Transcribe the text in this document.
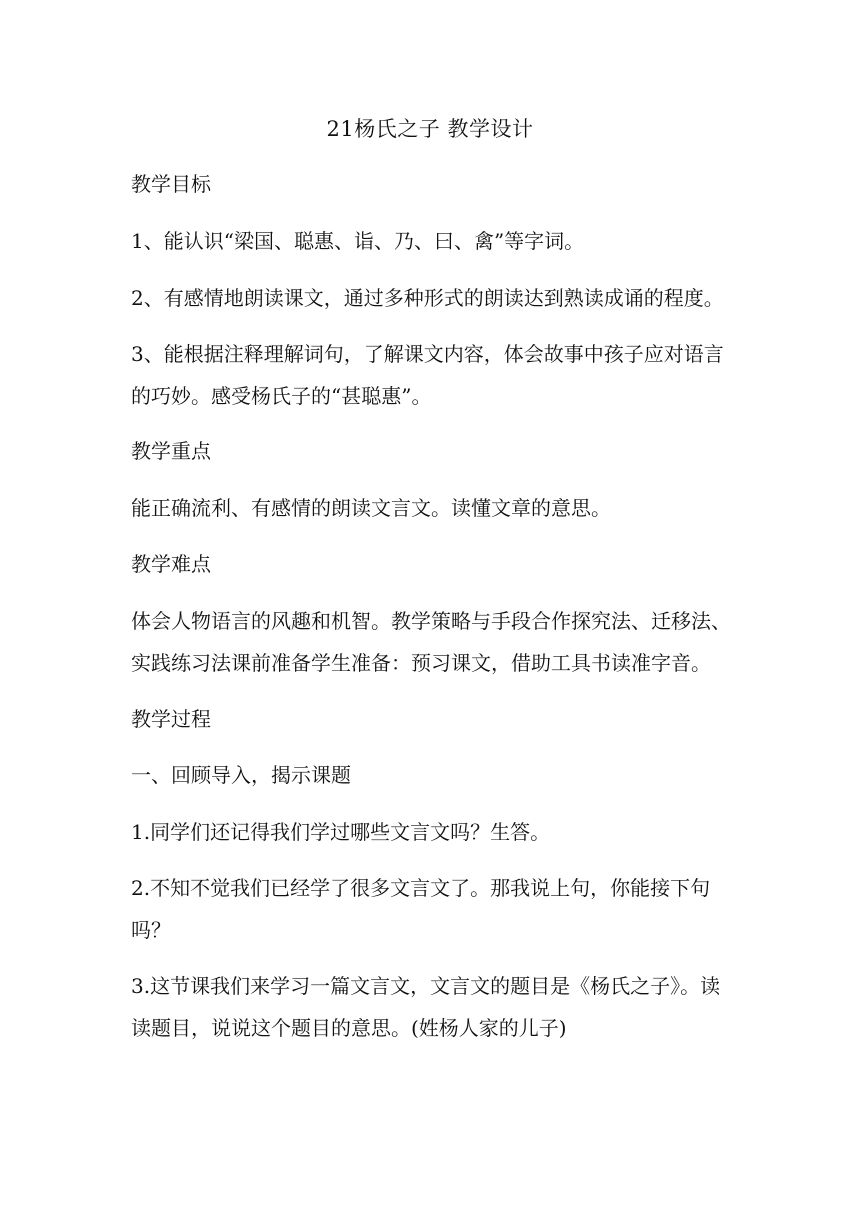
21杨氏之子 教学设计
教学目标
1、能认识“梁国、聪惠、诣、乃、曰、禽”等字词。
2、有感情地朗读课文，通过多种形式的朗读达到熟读成诵的程度。
3、能根据注释理解词句，了解课文内容，体会故事中孩子应对语言
的巧妙。感受杨氏子的“甚聪惠”。
教学重点
能正确流利、有感情的朗读文言文。读懂文章的意思。
教学难点
体会人物语言的风趣和机智。教学策略与手段合作探究法、迁移法、
实践练习法课前准备学生准备：预习课文，借助工具书读准字音。
教学过程
一、回顾导入，揭示课题
1.同学们还记得我们学过哪些文言文吗？生答。
2.不知不觉我们已经学了很多文言文了。那我说上句，你能接下句
吗？
3.这节课我们来学习一篇文言文，文言文的题目是《杨氏之子》。读
读题目，说说这个题目的意思。(姓杨人家的儿子)
